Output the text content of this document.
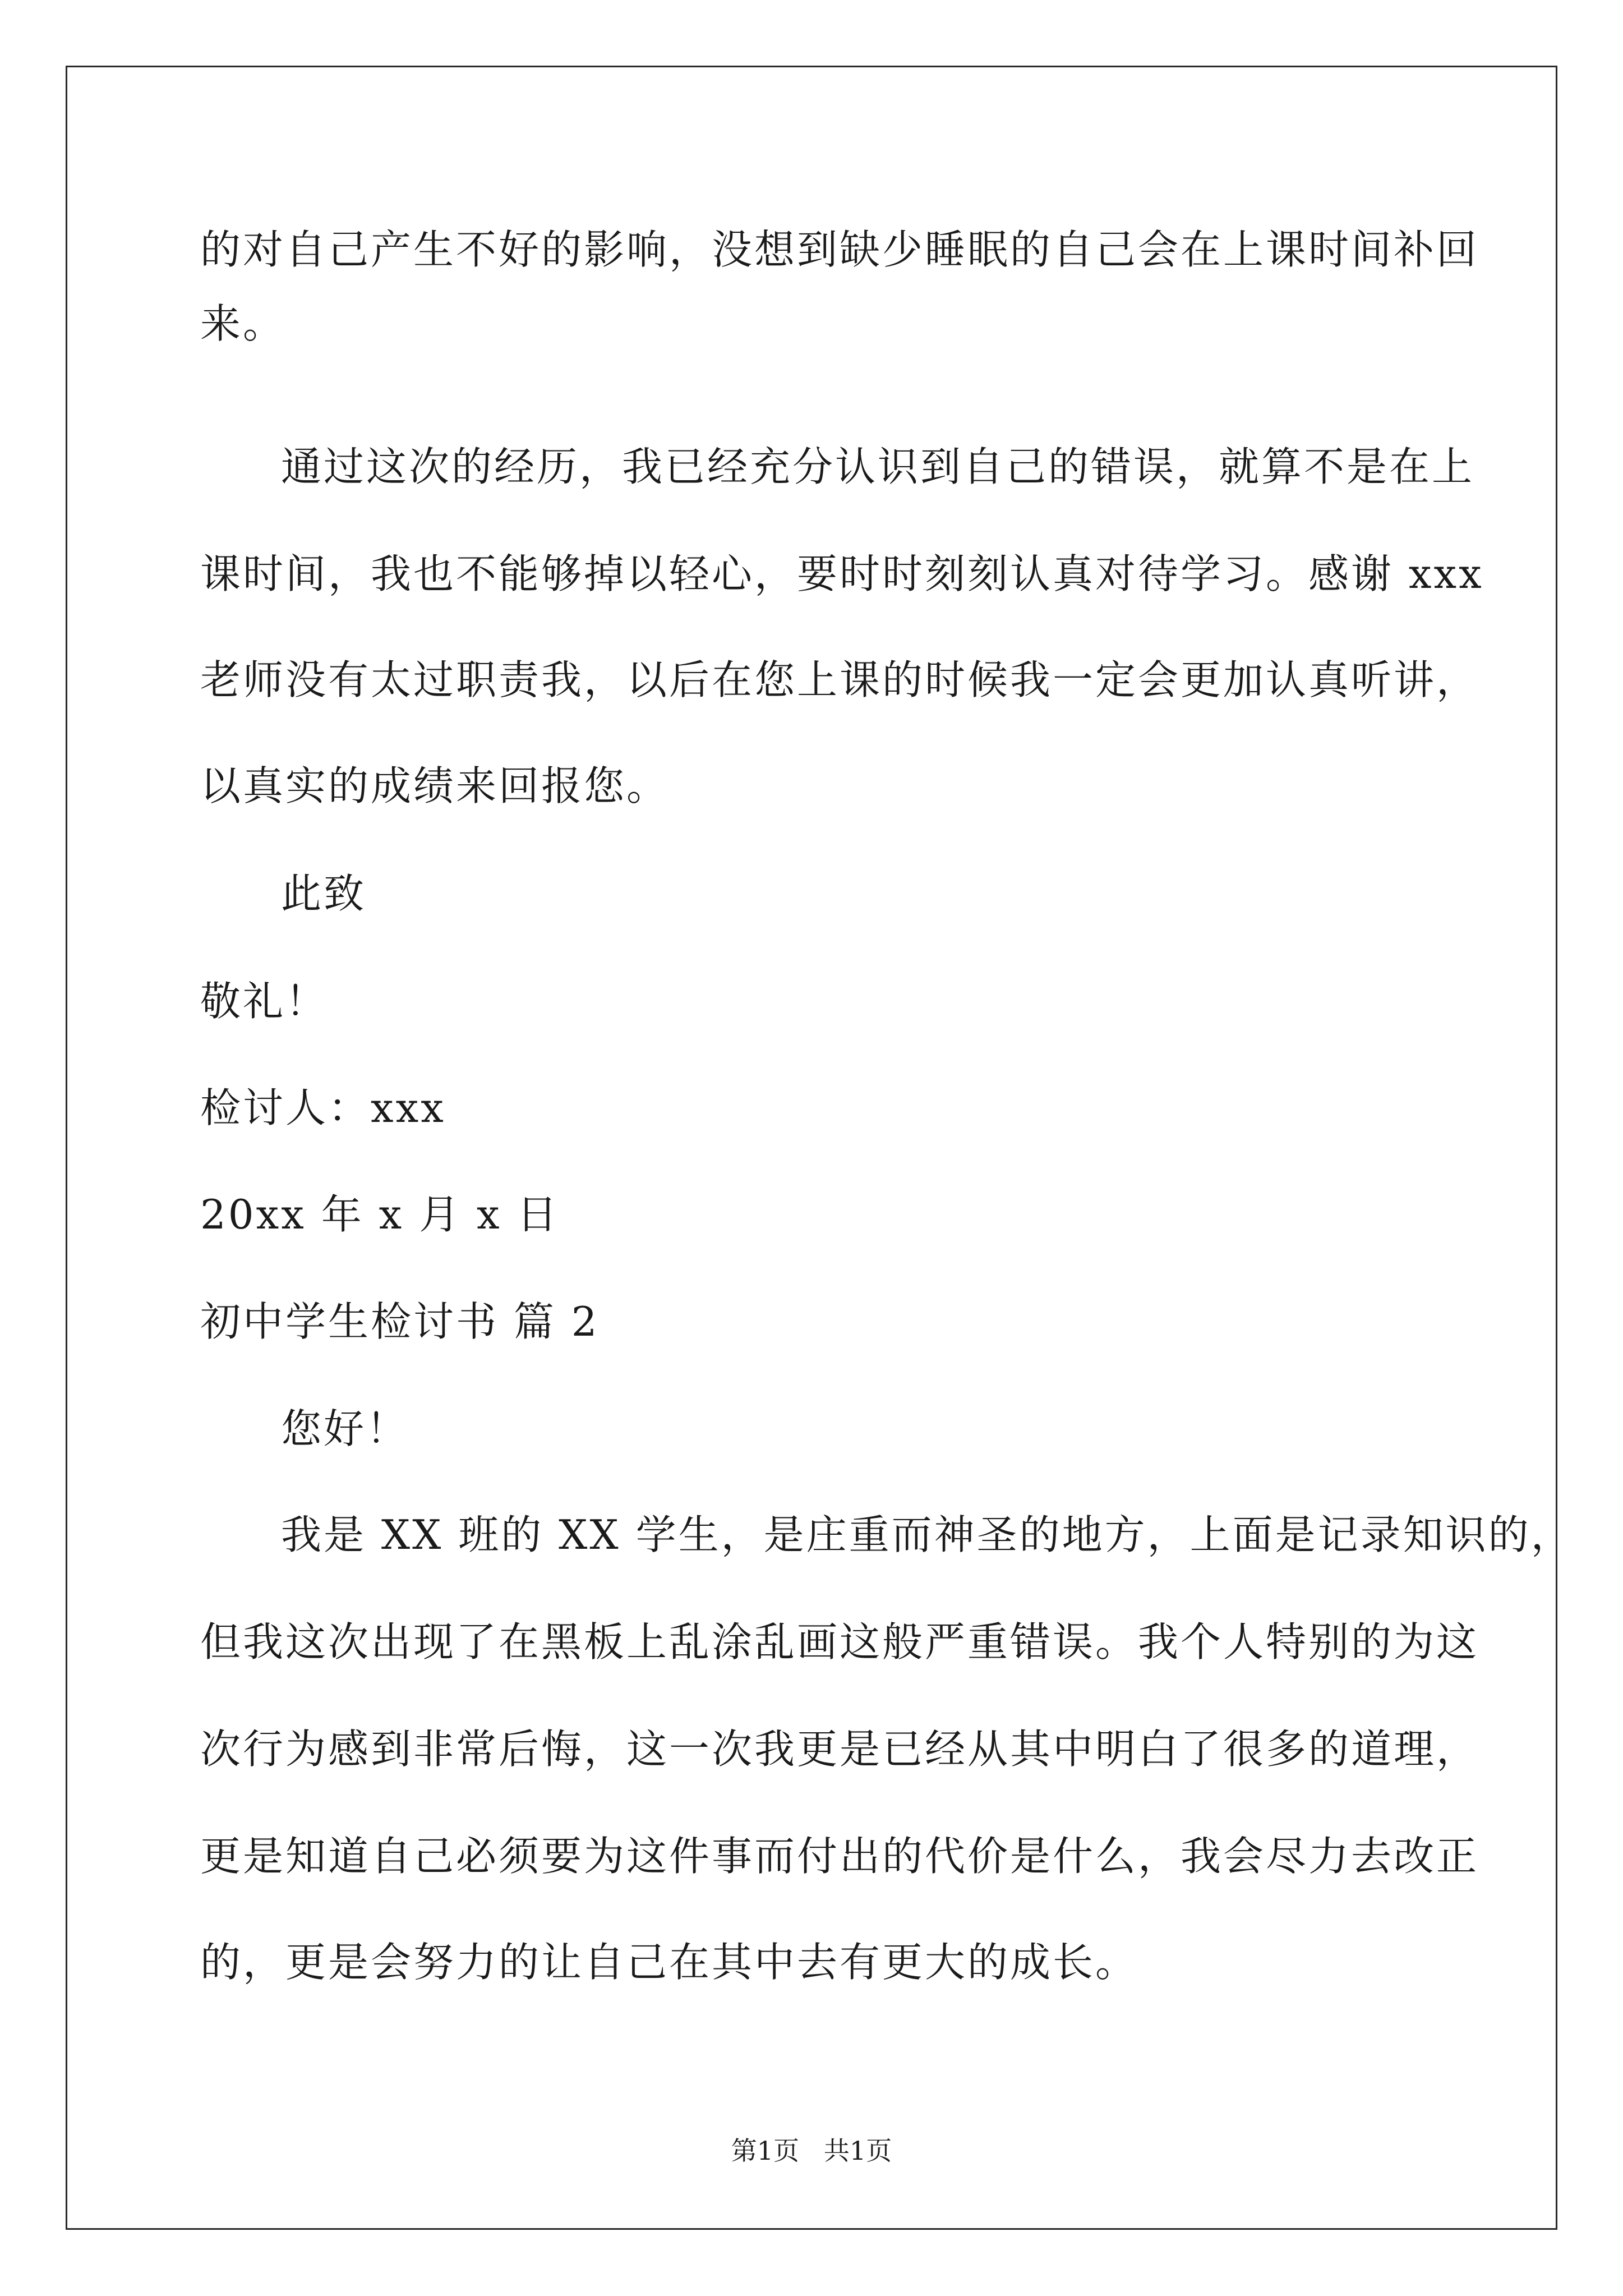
的对自己产生不好的影响，没想到缺少睡眠的自己会在上课时间补回
来。
通过这次的经历，我已经充分认识到自己的错误，就算不是在上
课时间，我也不能够掉以轻心，要时时刻刻认真对待学习。感谢 xxx
老师没有太过职责我，以后在您上课的时候我一定会更加认真听讲，
以真实的成绩来回报您。
此致
敬礼！
检讨人：xxx
20xx 年 x 月 x 日
初中学生检讨书 篇 2
您好！
我是 XX 班的 XX 学生，是庄重而神圣的地方，上面是记录知识的，
但我这次出现了在黑板上乱涂乱画这般严重错误。我个人特别的为这
次行为感到非常后悔，这一次我更是已经从其中明白了很多的道理，
更是知道自己必须要为这件事而付出的代价是什么，我会尽力去改正
的，更是会努力的让自己在其中去有更大的成长。
第1页   共1页
